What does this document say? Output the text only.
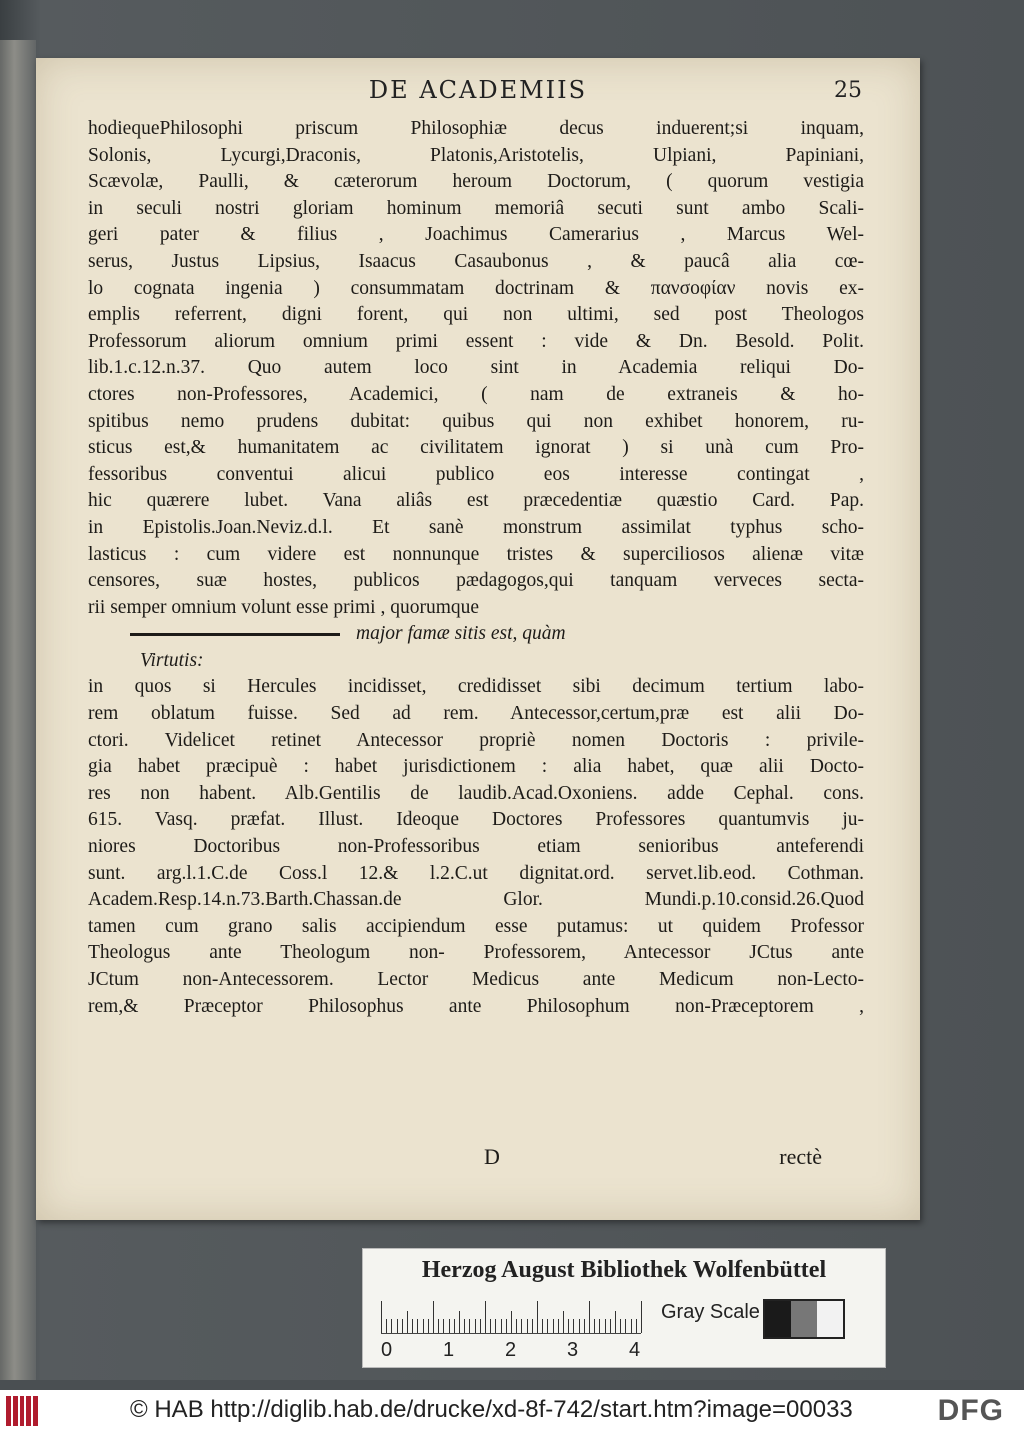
DE ACADEMIIS	25
hodiequePhilosophi priscum Philosophiæ decus induerent;si inquam,
Solonis, Lycurgi,Draconis, Platonis,Aristotelis, Ulpiani, Papiniani,
Scævolæ, Paulli, & cæterorum heroum Doctorum, ( quorum vestigia
in seculi nostri gloriam hominum memoriâ secuti sunt ambo Scali-
geri pater & filius , Joachimus Camerarius , Marcus Wel-
serus, Justus Lipsius, Isaacus Casaubonus , & paucâ alia cœ-
lo cognata ingenia ) consummatam doctrinam & πανσοφίαν novis ex-
emplis referrent, digni forent, qui non ultimi, sed post Theologos
Professorum aliorum omnium primi essent : vide & Dn. Besold. Polit.
lib.1.c.12.n.37. Quo autem loco sint in Academia reliqui Do-
ctores non-Professores, Academici, ( nam de extraneis & ho-
spitibus nemo prudens dubitat: quibus qui non exhibet honorem, ru-
sticus est,& humanitatem ac civilitatem ignorat ) si unà cum Pro-
fessoribus conventui alicui publico eos interesse contingat ,
hic quærere lubet. Vana aliâs est præcedentiæ quæstio Card. Pap.
in Epistolis.Joan.Neviz.d.l. Et sanè monstrum assimilat typhus scho-
lasticus : cum videre est nonnunque tristes & superciliosos alienæ vitæ
censores, suæ hostes, publicos pædagogos,qui tanquam verveces secta-
rii semper omnium volunt esse primi , quorumque
major famæ sitis est, quàm
Virtutis:
in quos si Hercules incidisset, credidisset sibi decimum tertium labo-
rem oblatum fuisse. Sed ad rem. Antecessor,certum,præ est alii Do-
ctori. Videlicet retinet Antecessor propriè nomen Doctoris : privile-
gia habet præcipuè : habet jurisdictionem : alia habet, quæ alii Docto-
res non habent. Alb.Gentilis de laudib.Acad.Oxoniens. adde Cephal. cons.
615. Vasq. præfat. Illust. Ideoque Doctores Professores quantumvis ju-
niores Doctoribus non-Professoribus etiam senioribus anteferendi
sunt. arg.l.1.C.de Coss.l 12.& l.2.C.ut dignitat.ord. servet.lib.eod. Cothman.
Academ.Resp.14.n.73.Barth.Chassan.de Glor. Mundi.p.10.consid.26.Quod
tamen cum grano salis accipiendum esse putamus: ut quidem Professor
Theologus ante Theologum non- Professorem, Antecessor JCtus ante
JCtum non-Antecessorem. Lector Medicus ante Medicum non-Lecto-
rem,& Præceptor Philosophus ante Philosophum non-Præceptorem ,
D	rectè
Herzog August Bibliothek Wolfenbüttel
0	1	2	3	4
Gray Scale
© HAB http://diglib.hab.de/drucke/xd-8f-742/start.htm?image=00033	DFG
